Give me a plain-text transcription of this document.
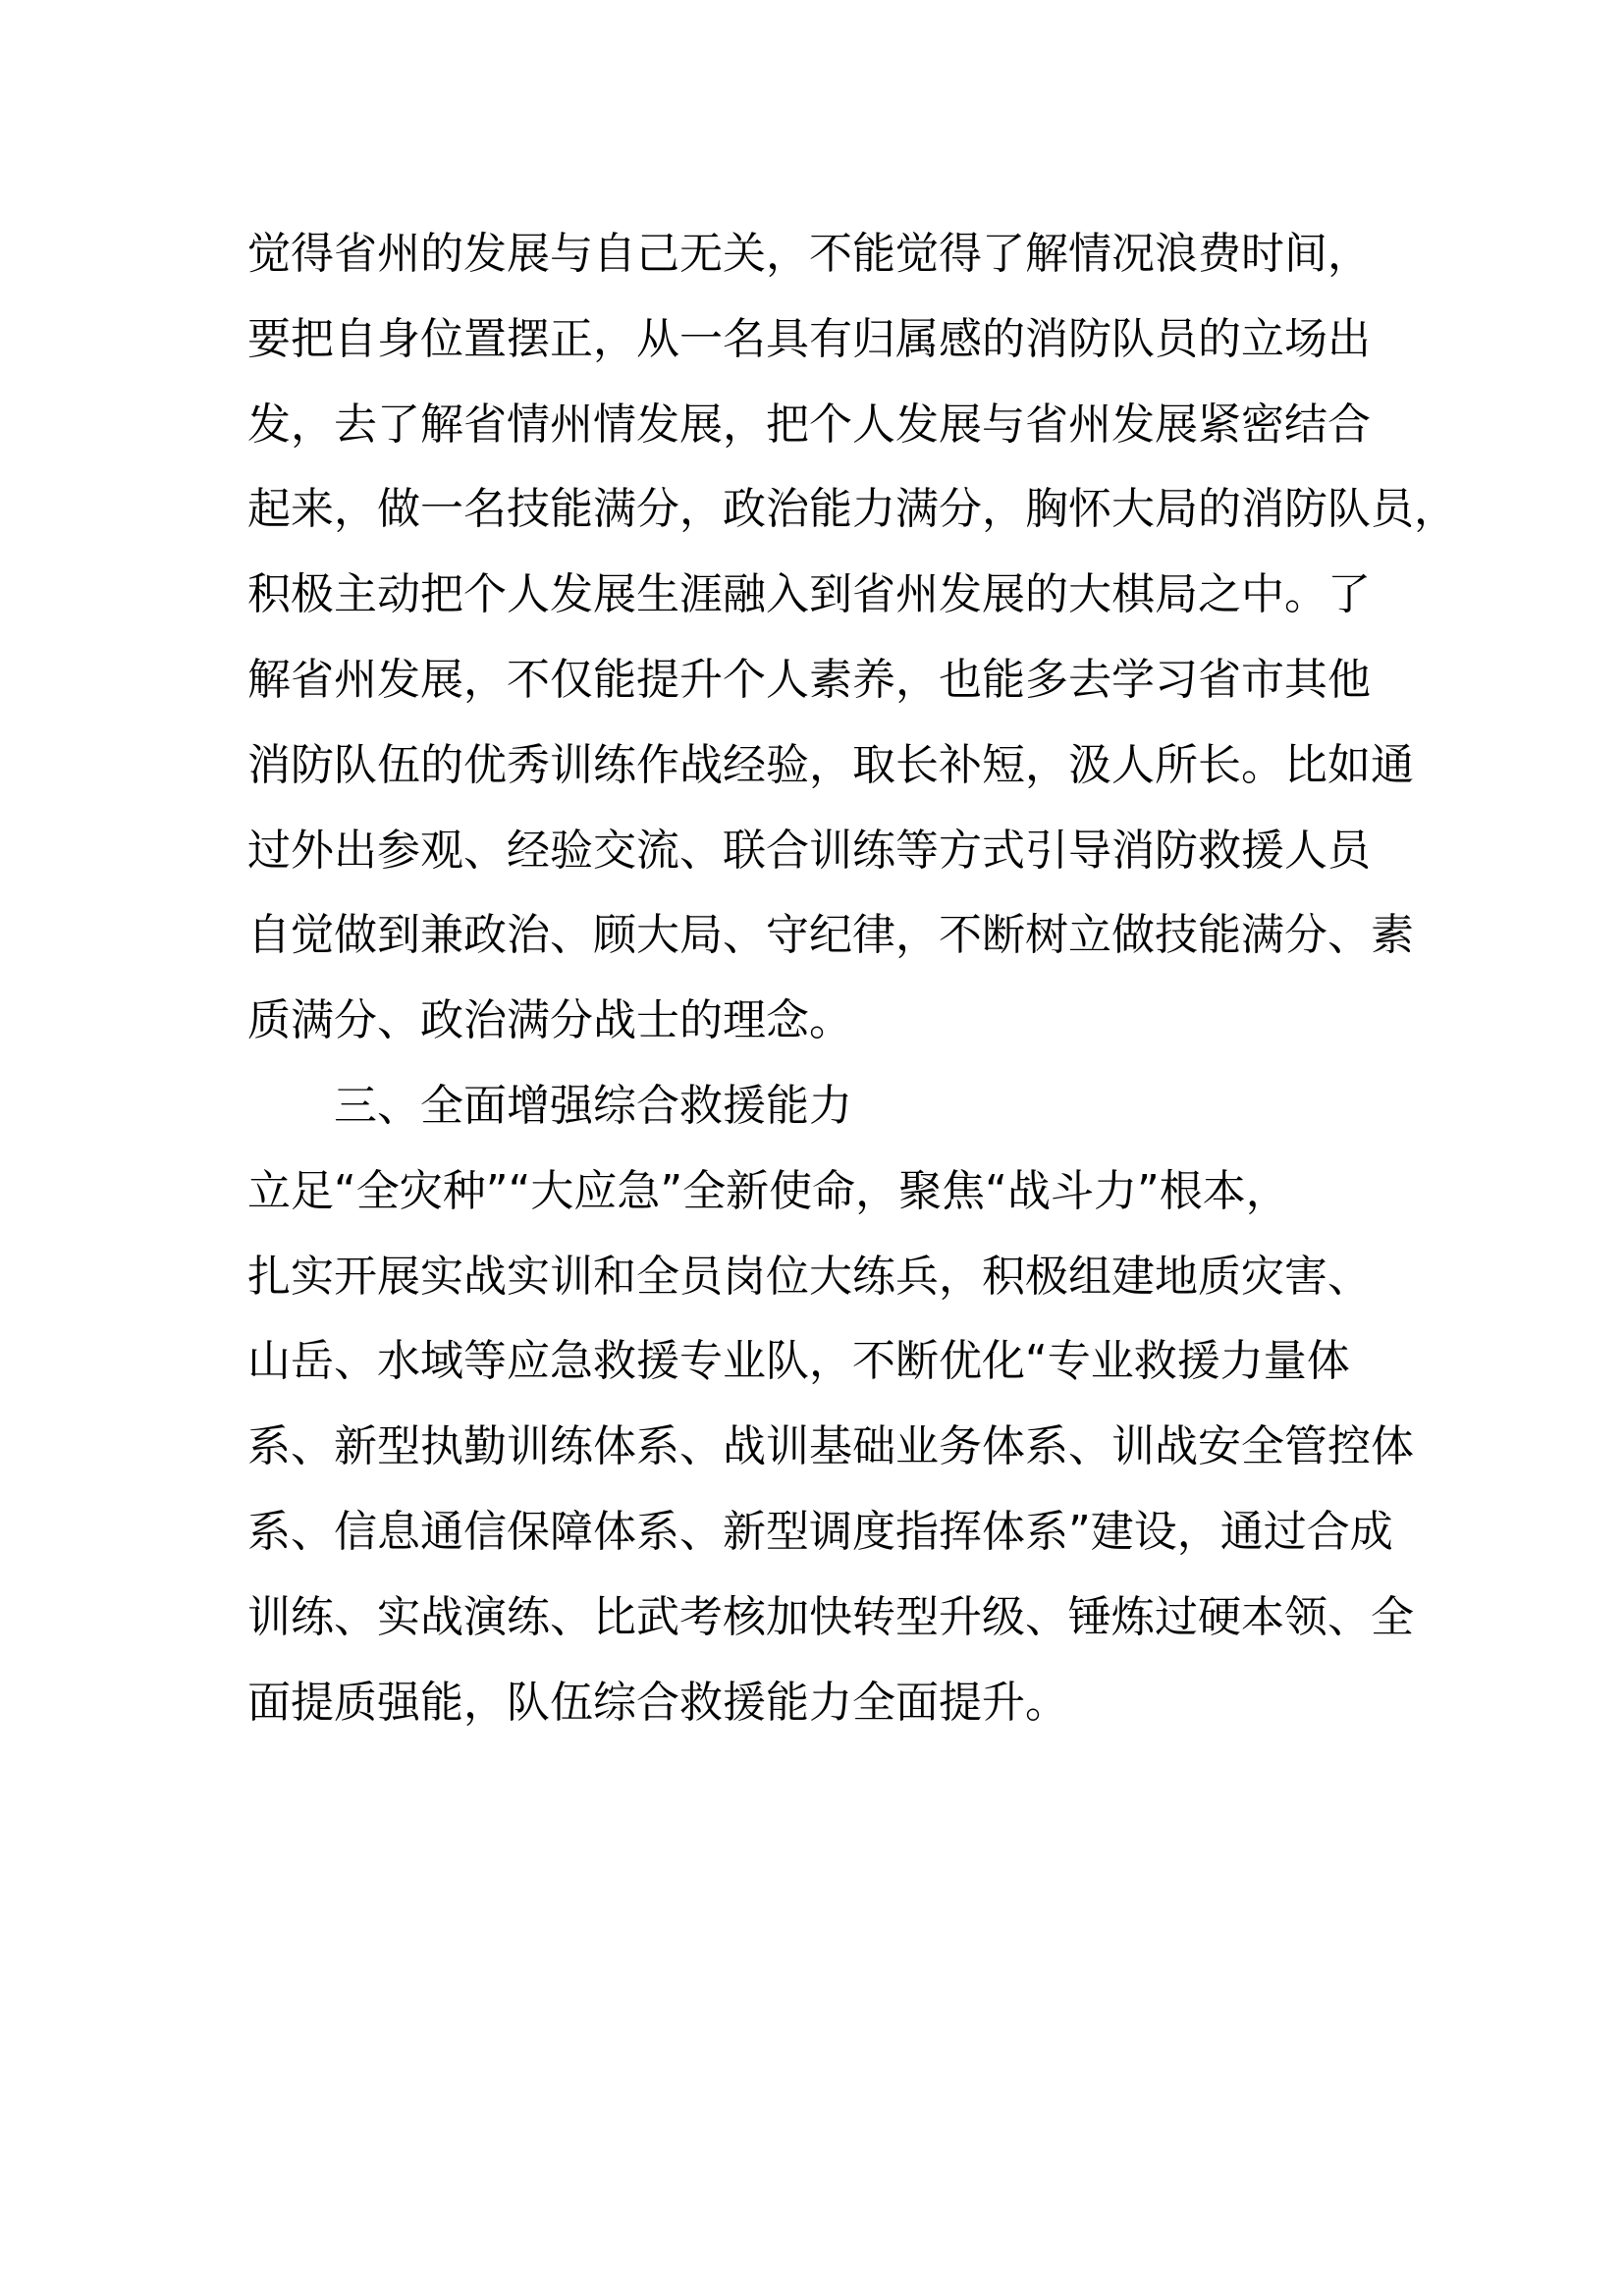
觉得省州的发展与自己无关，不能觉得了解情况浪费时间，
要把自身位置摆正，从一名具有归属感的消防队员的立场出
发，去了解省情州情发展，把个人发展与省州发展紧密结合
起来，做一名技能满分，政治能力满分，胸怀大局的消防队员，
积极主动把个人发展生涯融入到省州发展的大棋局之中。了
解省州发展，不仅能提升个人素养，也能多去学习省市其他
消防队伍的优秀训练作战经验，取长补短，汲人所长。比如通
过外出参观、经验交流、联合训练等方式引导消防救援人员
自觉做到兼政治、顾大局、守纪律，不断树立做技能满分、素
质满分、政治满分战士的理念。
三、全面增强综合救援能力
立足“全灾种”“大应急”全新使命，聚焦“战斗力”根本，
扎实开展实战实训和全员岗位大练兵，积极组建地质灾害、
山岳、水域等应急救援专业队，不断优化“专业救援力量体
系、新型执勤训练体系、战训基础业务体系、训战安全管控体
系、信息通信保障体系、新型调度指挥体系”建设，通过合成
训练、实战演练、比武考核加快转型升级、锤炼过硬本领、全
面提质强能，队伍综合救援能力全面提升。
